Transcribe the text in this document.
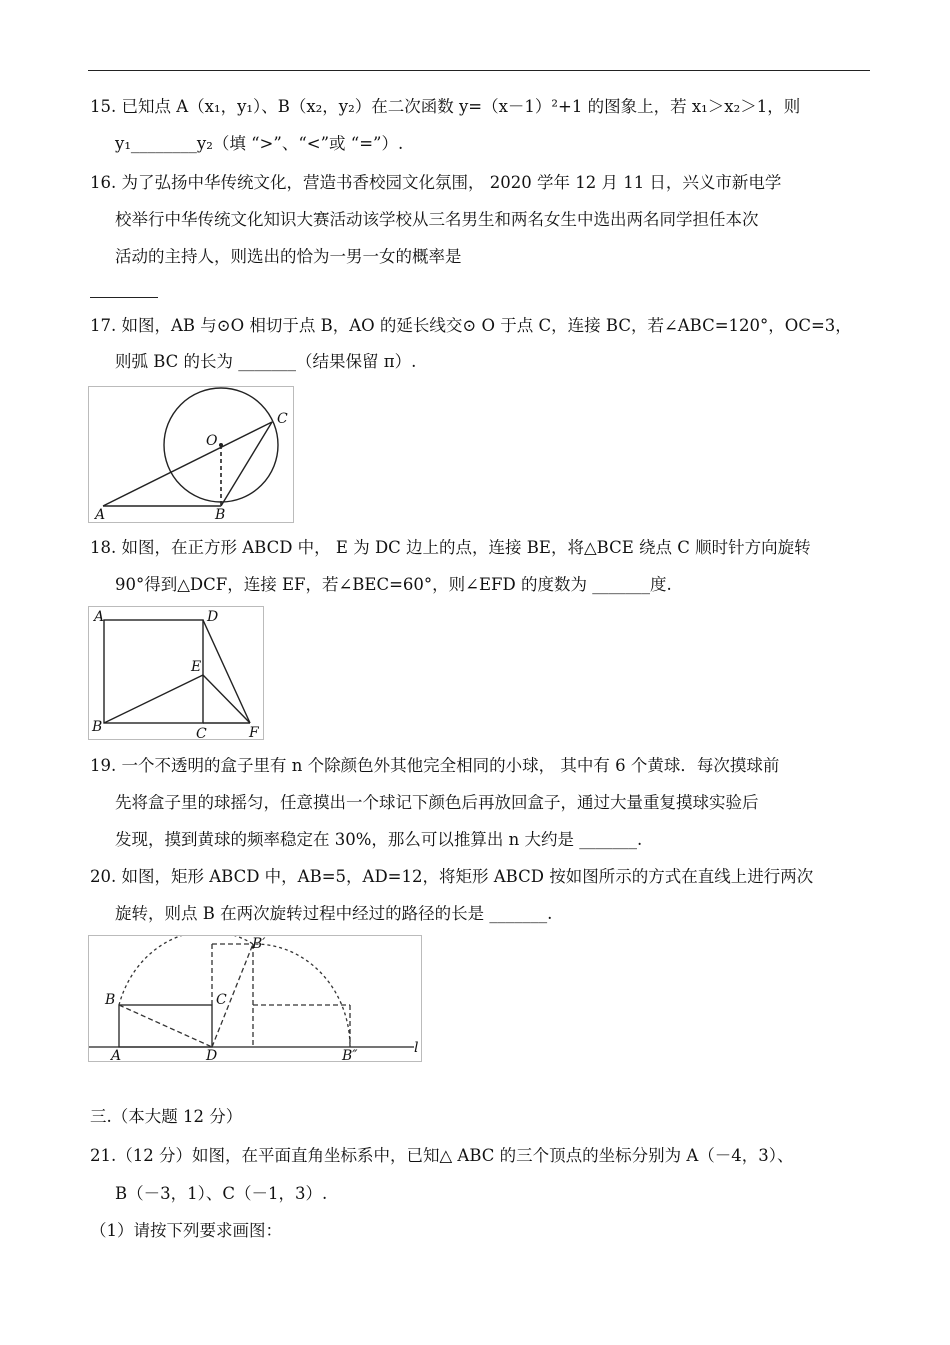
15. 已知点 A（x₁，y₁）、B（x₂，y₂）在二次函数 y=（x－1）²+1 的图象上，若 x₁＞x₂＞1，则
y₁________y₂（填 “>”、“<”或 “=”）.
16. 为了弘扬中华传统文化，营造书香校园文化氛围， 2020 学年 12 月 11 日，兴义市新电学
校举行中华传统文化知识大赛活动该学校从三名男生和两名女生中选出两名同学担任本次
活动的主持人，则选出的恰为一男一女的概率是
17. 如图，AB 与⊙O 相切于点 B，AO 的延长线交⊙ O 于点 C，连接 BC，若∠ABC=120°，OC=3，
则弧 BC 的长为 _______（结果保留 π）.
A	B
C
O
18. 如图，在正方形 ABCD 中， E 为 DC 边上的点，连接 BE，将△BCE 绕点 C 顺时针方向旋转
90°得到△DCF，连接 EF，若∠BEC=60°，则∠EFD 的度数为 _______度.
A
B	C
D
E
F
19. 一个不透明的盒子里有 n 个除颜色外其他完全相同的小球， 其中有 6 个黄球．每次摸球前
先将盒子里的球摇匀，任意摸出一个球记下颜色后再放回盒子，通过大量重复摸球实验后
发现，摸到黄球的频率稳定在 30%，那么可以推算出 n 大约是 _______.
20. 如图，矩形 ABCD 中，AB=5，AD=12，将矩形 ABCD 按如图所示的方式在直线上进行两次
旋转，则点 B 在两次旋转过程中经过的路径的长是 _______.
A
B	C
D
B′
B″	l
三.（本大题 12 分）
21.（12 分）如图，在平面直角坐标系中，已知△ ABC 的三个顶点的坐标分别为 A（－4，3）、
B（－3，1）、C（－1，3）.
（1）请按下列要求画图：
